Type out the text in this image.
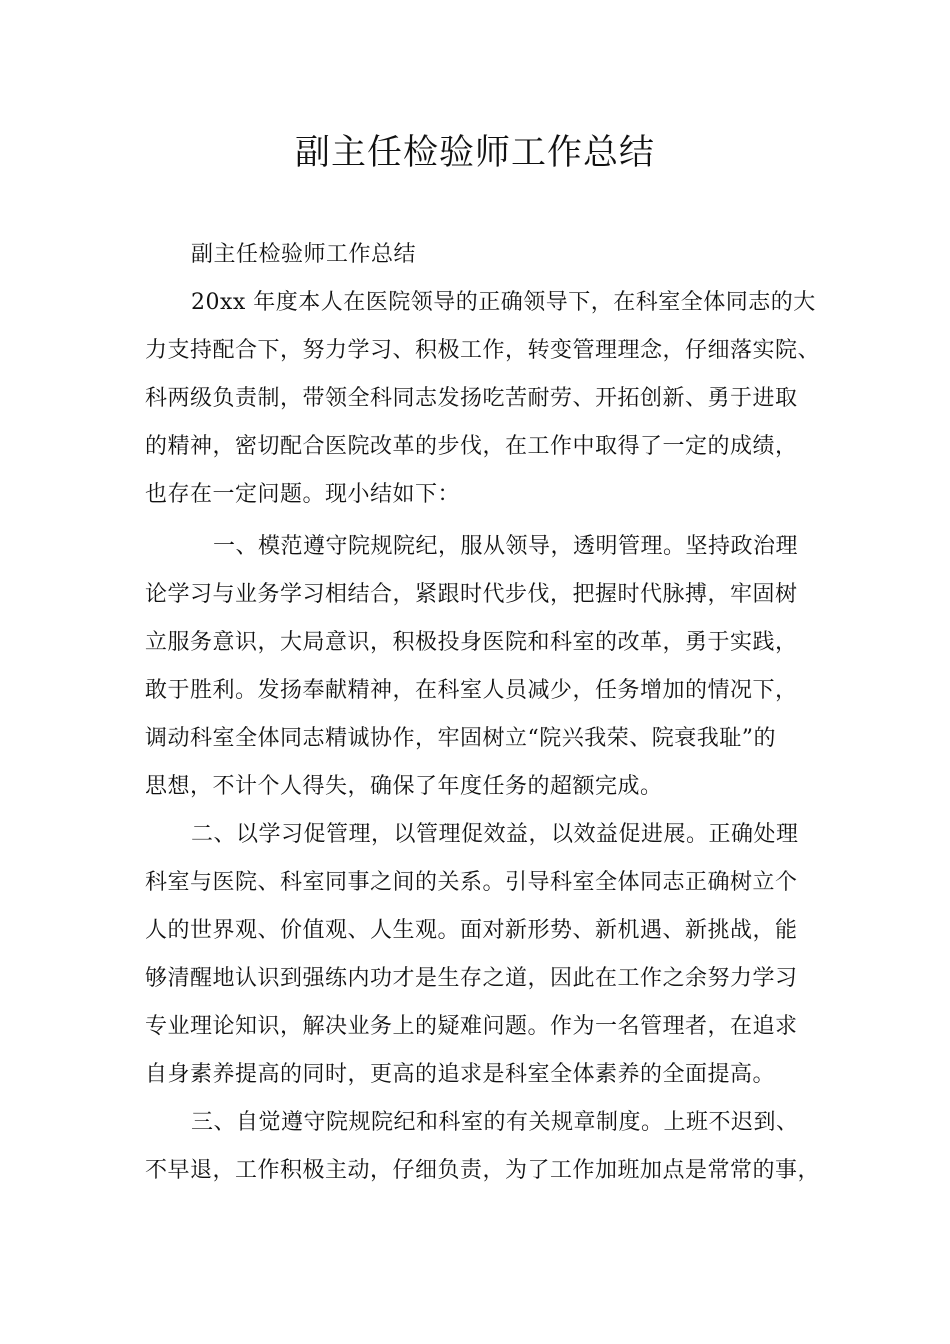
副主任检验师工作总结
副主任检验师工作总结
20xx 年度本人在医院领导的正确领导下，在科室全体同志的大
力支持配合下，努力学习、积极工作，转变管理理念，仔细落实院、
科两级负责制，带领全科同志发扬吃苦耐劳、开拓创新、勇于进取
的精神，密切配合医院改革的步伐，在工作中取得了一定的成绩，
也存在一定问题。现小结如下：
一、模范遵守院规院纪，服从领导，透明管理。坚持政治理
论学习与业务学习相结合，紧跟时代步伐，把握时代脉搏，牢固树
立服务意识，大局意识，积极投身医院和科室的改革，勇于实践，
敢于胜利。发扬奉献精神，在科室人员减少，任务增加的情况下，
调动科室全体同志精诚协作，牢固树立“院兴我荣、院衰我耻”的
思想，不计个人得失，确保了年度任务的超额完成。
二、以学习促管理，以管理促效益，以效益促进展。正确处理
科室与医院、科室同事之间的关系。引导科室全体同志正确树立个
人的世界观、价值观、人生观。面对新形势、新机遇、新挑战，能
够清醒地认识到强练内功才是生存之道，因此在工作之余努力学习
专业理论知识，解决业务上的疑难问题。作为一名管理者，在追求
自身素养提高的同时，更高的追求是科室全体素养的全面提高。
三、自觉遵守院规院纪和科室的有关规章制度。上班不迟到、
不早退，工作积极主动，仔细负责，为了工作加班加点是常常的事，
